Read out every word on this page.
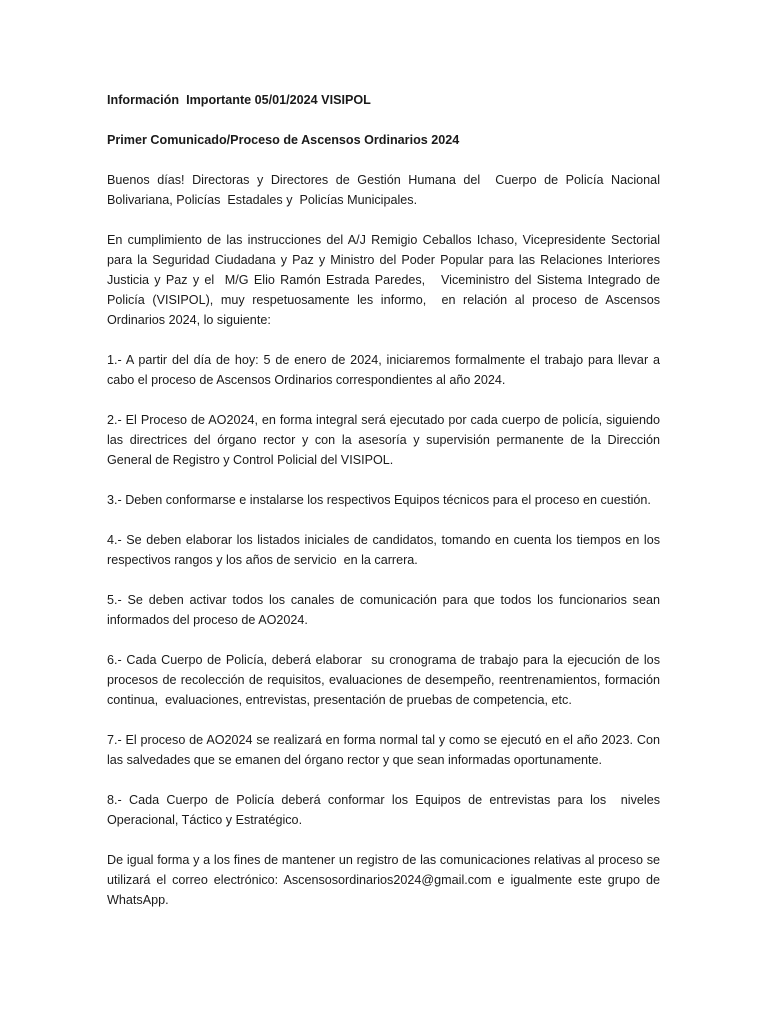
Información  Importante 05/01/2024 VISIPOL

Primer Comunicado/Proceso de Ascensos Ordinarios 2024

Buenos días! Directoras y Directores de Gestión Humana del  Cuerpo de Policía Nacional Bolivariana, Policías  Estadales y  Policías Municipales.

En cumplimiento de las instrucciones del A/J Remigio Ceballos Ichaso, Vicepresidente Sectorial para la Seguridad Ciudadana y Paz y Ministro del Poder Popular para las Relaciones Interiores Justicia y Paz y el  M/G Elio Ramón Estrada Paredes,   Viceministro del Sistema Integrado de Policía (VISIPOL), muy respetuosamente les informo,  en relación al proceso de Ascensos Ordinarios 2024, lo siguiente:

1.- A partir del día de hoy: 5 de enero de 2024, iniciaremos formalmente el trabajo para llevar a cabo el proceso de Ascensos Ordinarios correspondientes al año 2024.

2.- El Proceso de AO2024, en forma integral será ejecutado por cada cuerpo de policía, siguiendo las directrices del órgano rector y con la asesoría y supervisión permanente de la Dirección General de Registro y Control Policial del VISIPOL.

3.- Deben conformarse e instalarse los respectivos Equipos técnicos para el proceso en cuestión.

4.- Se deben elaborar los listados iniciales de candidatos, tomando en cuenta los tiempos en los respectivos rangos y los años de servicio  en la carrera.

5.- Se deben activar todos los canales de comunicación para que todos los funcionarios sean informados del proceso de AO2024.

6.- Cada Cuerpo de Policía, deberá elaborar  su cronograma de trabajo para la ejecución de los procesos de recolección de requisitos, evaluaciones de desempeño, reentrenamientos, formación continua,  evaluaciones, entrevistas, presentación de pruebas de competencia, etc.

7.- El proceso de AO2024 se realizará en forma normal tal y como se ejecutó en el año 2023. Con las salvedades que se emanen del órgano rector y que sean informadas oportunamente.

8.- Cada Cuerpo de Policía deberá conformar los Equipos de entrevistas para los  niveles Operacional, Táctico y Estratégico.

De igual forma y a los fines de mantener un registro de las comunicaciones relativas al proceso se utilizará el correo electrónico: Ascensosordinarios2024@gmail.com e igualmente este grupo de WhatsApp.
